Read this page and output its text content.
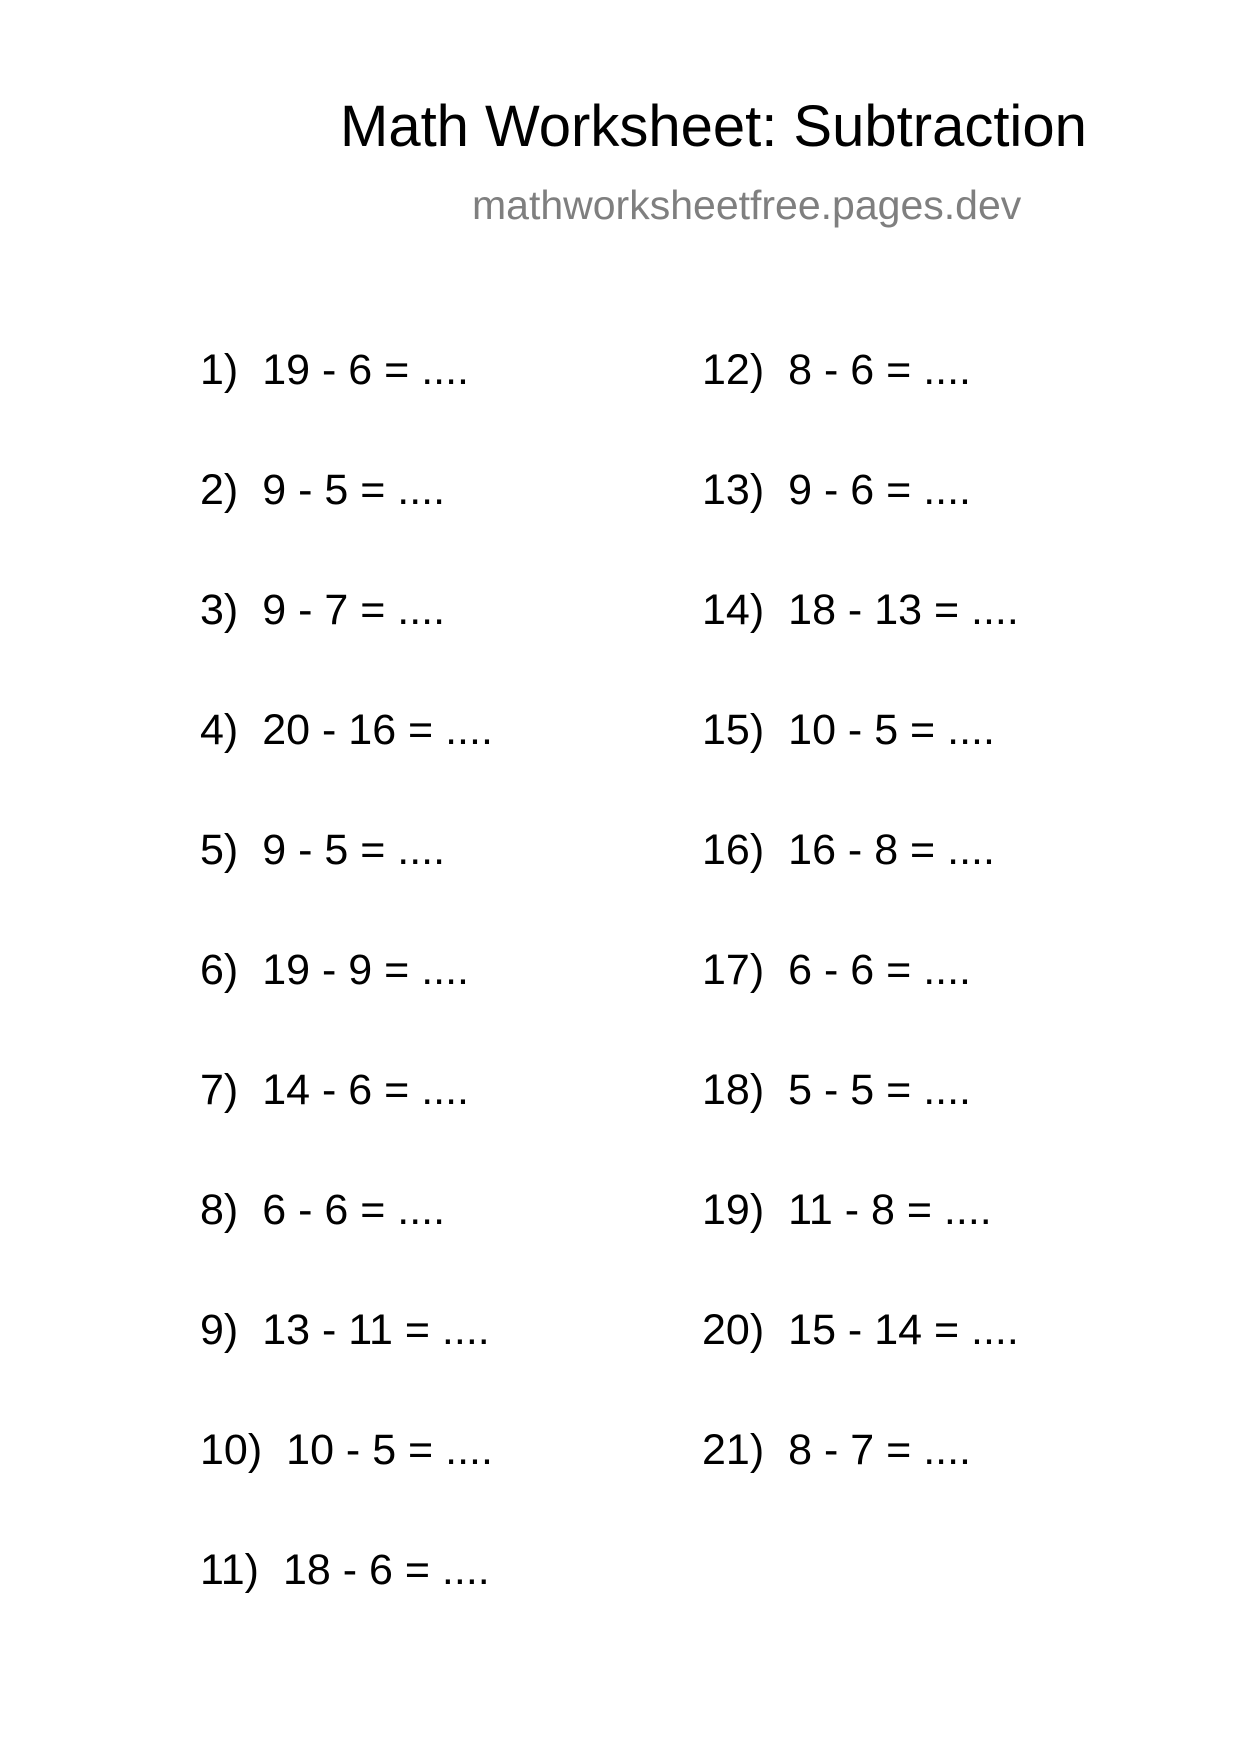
Math Worksheet: Subtraction
mathworksheetfree.pages.dev
1) 19 - 6 = ....
2) 9 - 5 = ....
3) 9 - 7 = ....
4) 20 - 16 = ....
5) 9 - 5 = ....
6) 19 - 9 = ....
7) 14 - 6 = ....
8) 6 - 6 = ....
9) 13 - 11 = ....
10) 10 - 5 = ....
11) 18 - 6 = ....
12) 8 - 6 = ....
13) 9 - 6 = ....
14) 18 - 13 = ....
15) 10 - 5 = ....
16) 16 - 8 = ....
17) 6 - 6 = ....
18) 5 - 5 = ....
19) 11 - 8 = ....
20) 15 - 14 = ....
21) 8 - 7 = ....
